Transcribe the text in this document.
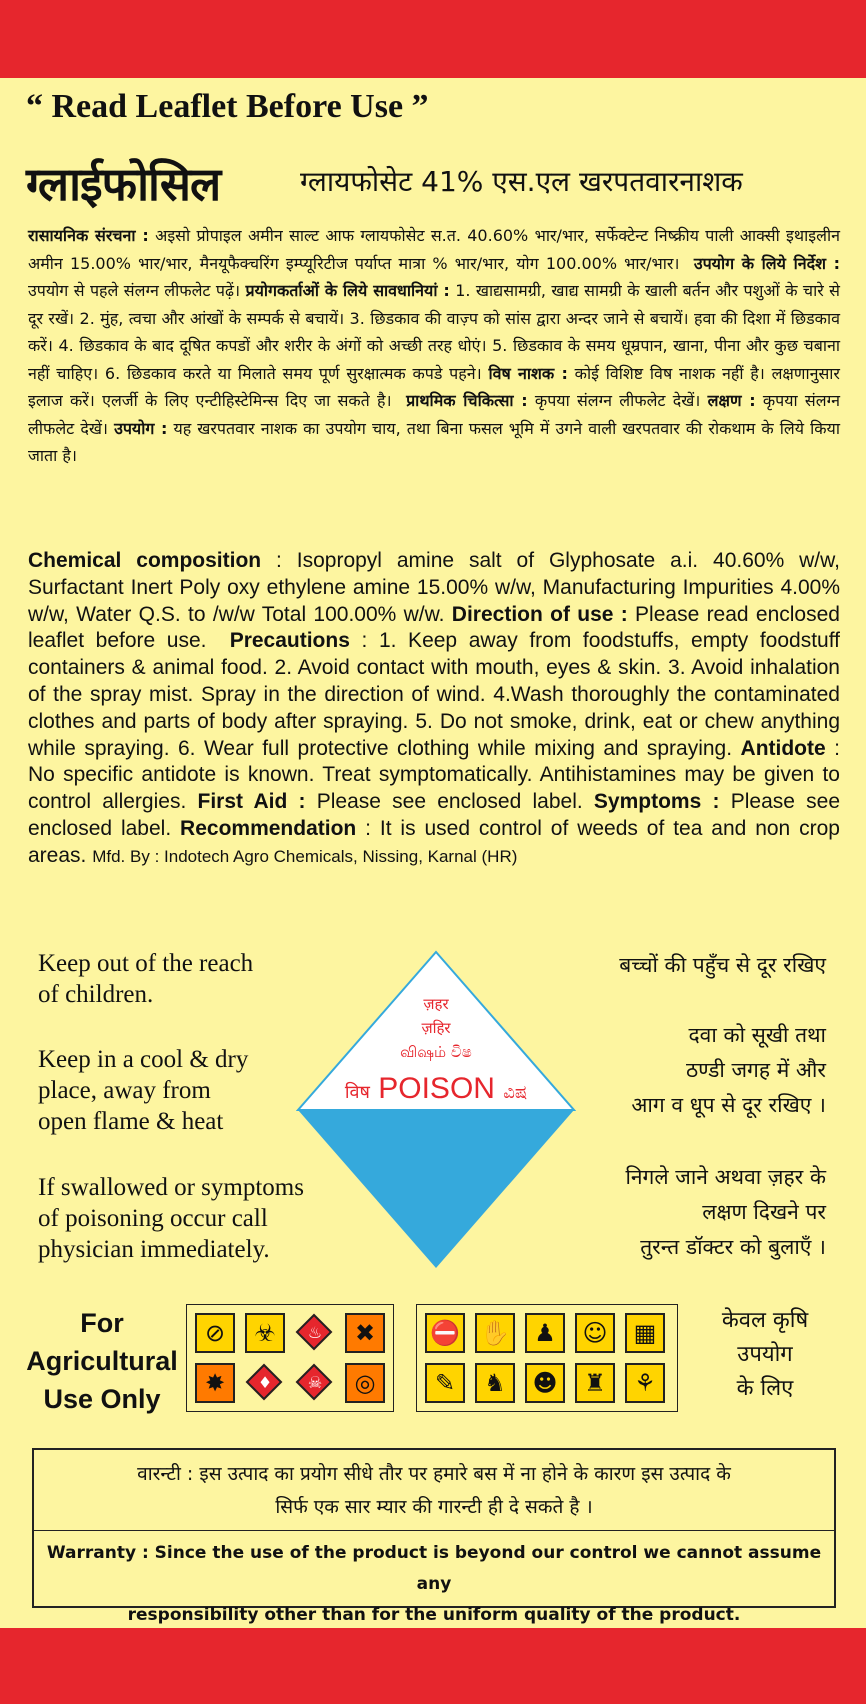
“ Read Leaflet Before Use ”
ग्लाईफोसिल	ग्लायफोसेट 41% एस.एल खरपतवारनाशक
रासायनिक संरचना : अइसो प्रोपाइल अमीन साल्ट आफ ग्लायफोसेट स.त. 40.60% भार/भार, सर्फेक्टेन्ट निष्क्रीय पाली आक्सी इथाइलीन अमीन 15.00% भार/भार, मैनयूफैक्चरिंग इम्प्यूरिटीज पर्याप्त मात्रा % भार/भार, योग 100.00% भार/भार। उपयोग के लिये निर्देश : उपयोग से पहले संलग्न लीफलेट पढ़ें। प्रयोगकर्ताओं के लिये सावधानियां : 1. खाद्यसामग्री, खाद्य सामग्री के खाली बर्तन और पशुओं के चारे से दूर रखें। 2. मुंह, त्वचा और आंखों के सम्पर्क से बचायें। 3. छिडकाव की वाज़्प को सांस द्वारा अन्दर जाने से बचायें। हवा की दिशा में छिडकाव करें। 4. छिडकाव के बाद दूषित कपडों और शरीर के अंगों को अच्छी तरह धोएं। 5. छिडकाव के समय धूम्रपान, खाना, पीना और कुछ चबाना नहीं चाहिए। 6. छिडकाव करते या मिलाते समय पूर्ण सुरक्षात्मक कपडे पहने। विष नाशक : कोई विशिष्ट विष नाशक नहीं है। लक्षणानुसार इलाज करें। एलर्जी के लिए एन्टीहिस्टेमिन्स दिए जा सकते है। प्राथमिक चिकित्सा : कृपया संलग्न लीफलेट देखें। लक्षण : कृपया संलग्न लीफलेट देखें। उपयोग : यह खरपतवार नाशक का उपयोग चाय, तथा बिना फसल भूमि में उगने वाली खरपतवार की रोकथाम के लिये किया जाता है।
Chemical composition : Isopropyl amine salt of Glyphosate a.i. 40.60% w/w, Surfactant Inert Poly oxy ethylene amine 15.00% w/w, Manufacturing Impurities 4.00% w/w, Water Q.S. to /w/w Total 100.00% w/w. Direction of use : Please read enclosed leaflet before use. Precautions : 1. Keep away from foodstuffs, empty foodstuff containers & animal food. 2. Avoid contact with mouth, eyes & skin. 3. Avoid inhalation of the spray mist. Spray in the direction of wind. 4.Wash thoroughly the contaminated clothes and parts of body after spraying. 5. Do not smoke, drink, eat or chew anything while spraying. 6. Wear full protective clothing while mixing and spraying. Antidote : No specific antidote is known. Treat symptomatically. Antihistamines may be given to control allergies. First Aid : Please see enclosed label. Symptoms : Please see enclosed label. Recommendation : It is used control of weeds of tea and non crop areas. Mfd. By : Indotech Agro Chemicals, Nissing, Karnal (HR)
Keep out of the reach
of children.
Keep in a cool & dry
place, away from
open flame & heat
If swallowed or symptoms
of poisoning occur call
physician immediately.
बच्चों की पहुँच से दूर रखिए
दवा को सूखी तथा
ठण्डी जगह में और
आग व धूप से दूर रखिए ।
निगले जाने अथवा ज़हर के
लक्षण दिखने पर
तुरन्त डॉक्टर को बुलाएँ ।
ज़हर
ज़हिर
விஷம் විෂ
विष POISON ವಿಷ
For
Agricultural
Use Only
केवल कृषि
उपयोग
के लिए
⊘	☣	♨	✖
✸	♦	☠	◎
⛔ ✋	♟	☺	▦
✎	♞	☻	♜	⚘
वारन्टी : इस उत्पाद का प्रयोग सीधे तौर पर हमारे बस में ना होने के कारण इस उत्पाद के
सिर्फ एक सार म्यार की गारन्टी ही दे सकते है ।
Warranty : Since the use of the product is beyond our control we cannot assume any
responsibility other than for the uniform quality of the product.
